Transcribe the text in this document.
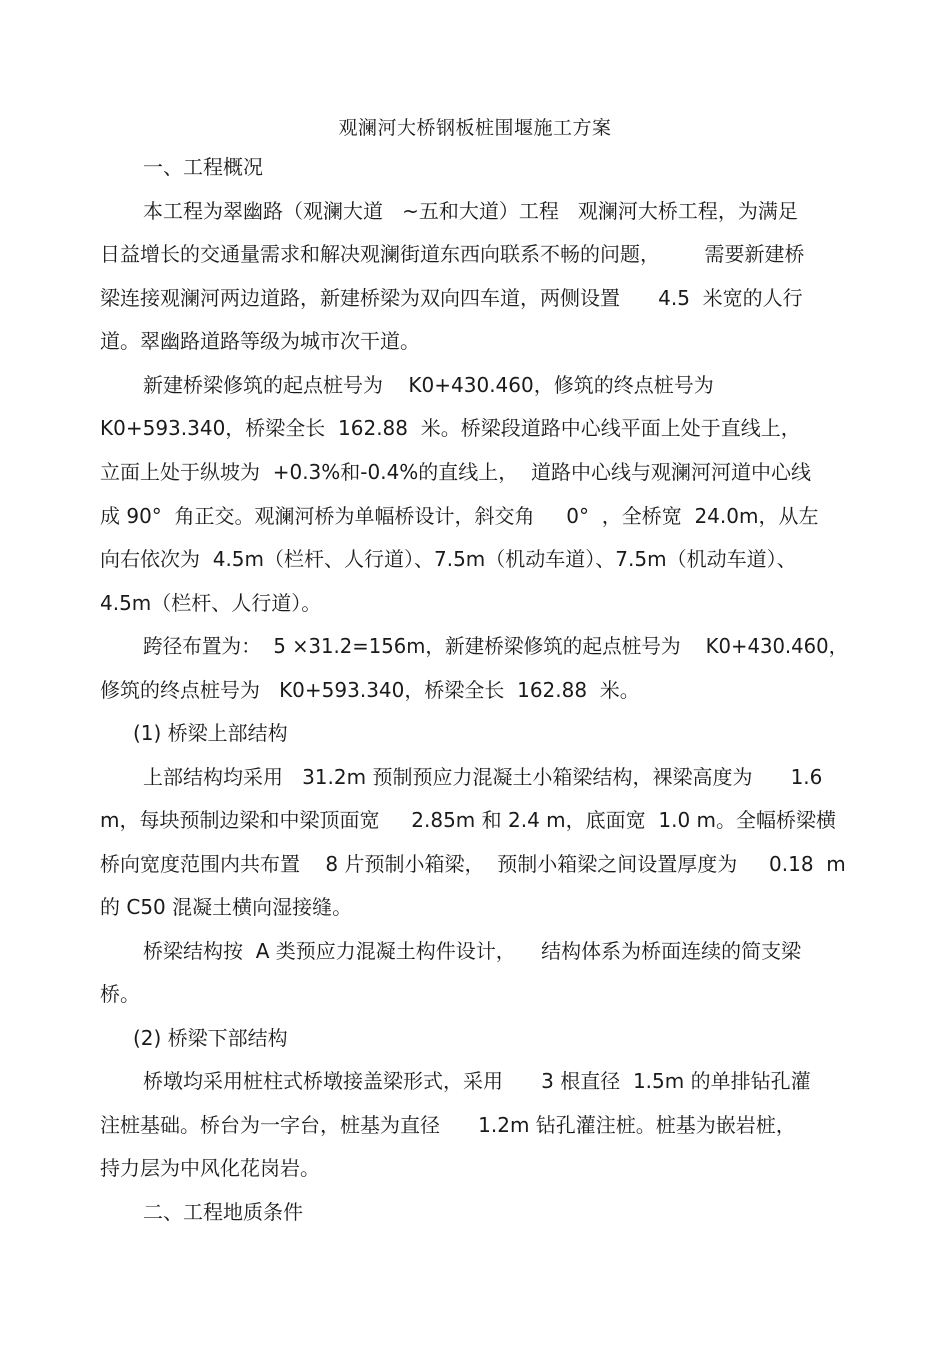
观澜河大桥钢板桩围堰施工方案
一、工程概况
本工程为翠幽路（观澜大道   ~五和大道）工程   观澜河大桥工程，为满足
日益增长的交通量需求和解决观澜街道东西向联系不畅的问题，       需要新建桥
梁连接观澜河两边道路，新建桥梁为双向四车道，两侧设置      4.5  米宽的人行
道。翠幽路道路等级为城市次干道。
新建桥梁修筑的起点桩号为    K0+430.460，修筑的终点桩号为
K0+593.340，桥梁全长  162.88  米。桥梁段道路中心线平面上处于直线上，
立面上处于纵坡为  +0.3%和-0.4%的直线上，  道路中心线与观澜河河道中心线
成 90°  角正交。观澜河桥为单幅桥设计，斜交角     0°  ，全桥宽  24.0m，从左
向右依次为  4.5m（栏杆、人行道）、7.5m（机动车道）、7.5m（机动车道）、
4.5m（栏杆、人行道）。
跨径布置为：  5 ×31.2=156m，新建桥梁修筑的起点桩号为    K0+430.460，
修筑的终点桩号为   K0+593.340，桥梁全长  162.88  米。
(1) 桥梁上部结构
上部结构均采用   31.2m 预制预应力混凝土小箱梁结构，裸梁高度为      1.6
m，每块预制边梁和中梁顶面宽     2.85m 和 2.4 m，底面宽  1.0 m。全幅桥梁横
桥向宽度范围内共布置    8 片预制小箱梁，  预制小箱梁之间设置厚度为     0.18  m
的 C50 混凝土横向湿接缝。
桥梁结构按  A 类预应力混凝土构件设计，    结构体系为桥面连续的简支梁
桥。
(2) 桥梁下部结构
桥墩均采用桩柱式桥墩接盖梁形式，采用      3 根直径  1.5m 的单排钻孔灌
注桩基础。桥台为一字台，桩基为直径      1.2m 钻孔灌注桩。桩基为嵌岩桩，
持力层为中风化花岗岩。
二、工程地质条件
